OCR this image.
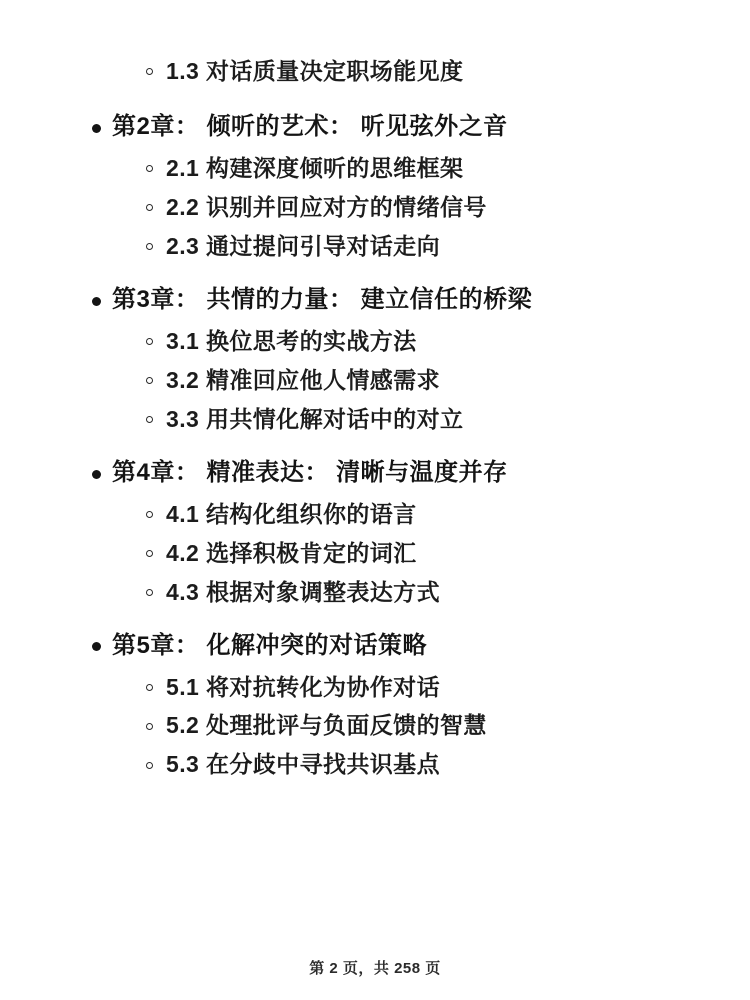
1.3 对话质量决定职场能见度
第2章： 倾听的艺术： 听见弦外之音
2.1 构建深度倾听的思维框架
2.2 识别并回应对方的情绪信号
2.3 通过提问引导对话走向
第3章： 共情的力量： 建立信任的桥梁
3.1 换位思考的实战方法
3.2 精准回应他人情感需求
3.3 用共情化解对话中的对立
第4章： 精准表达： 清晰与温度并存
4.1 结构化组织你的语言
4.2 选择积极肯定的词汇
4.3 根据对象调整表达方式
第5章： 化解冲突的对话策略
5.1 将对抗转化为协作对话
5.2 处理批评与负面反馈的智慧
5.3 在分歧中寻找共识基点
第 2 页，共 258 页
